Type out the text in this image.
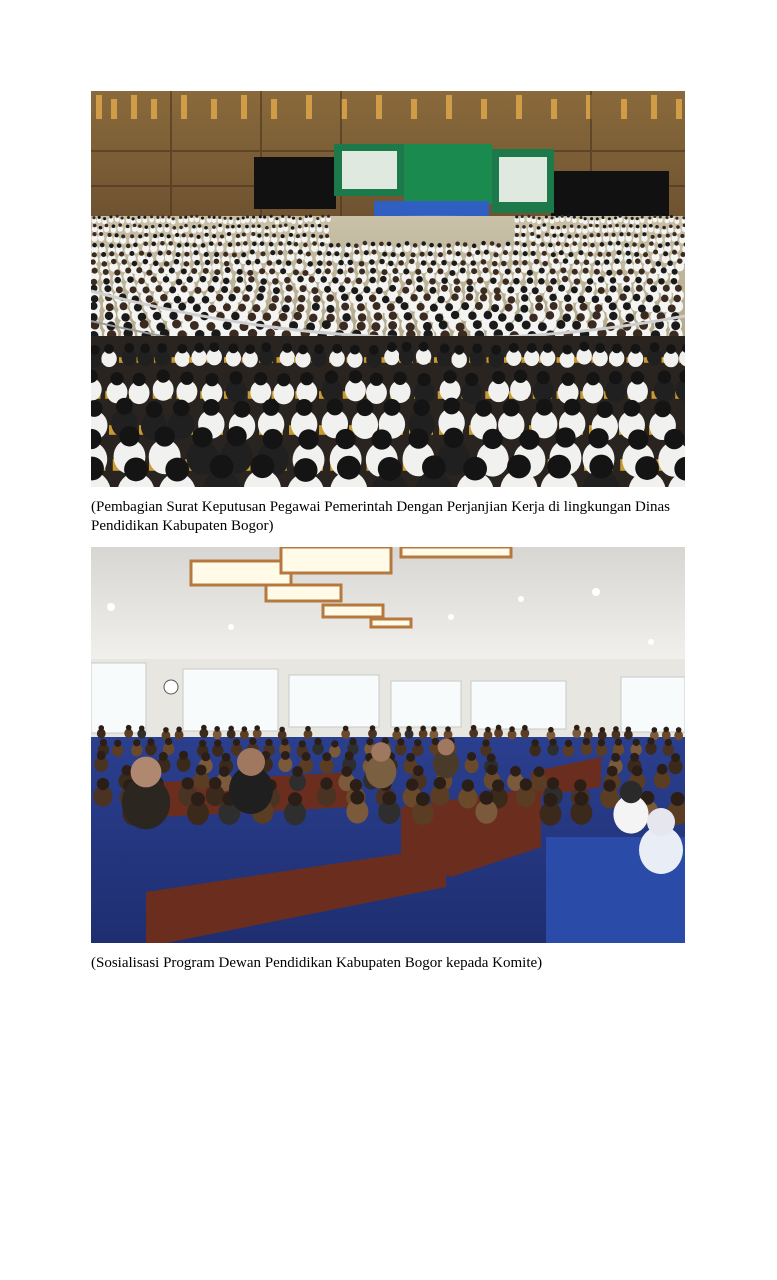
(Pembagian Surat Keputusan Pegawai Pemerintah Dengan Perjanjian Kerja di lingkungan Dinas Pendidikan Kabupaten Bogor)
(Sosialisasi Program Dewan Pendidikan Kabupaten Bogor kepada Komite)
